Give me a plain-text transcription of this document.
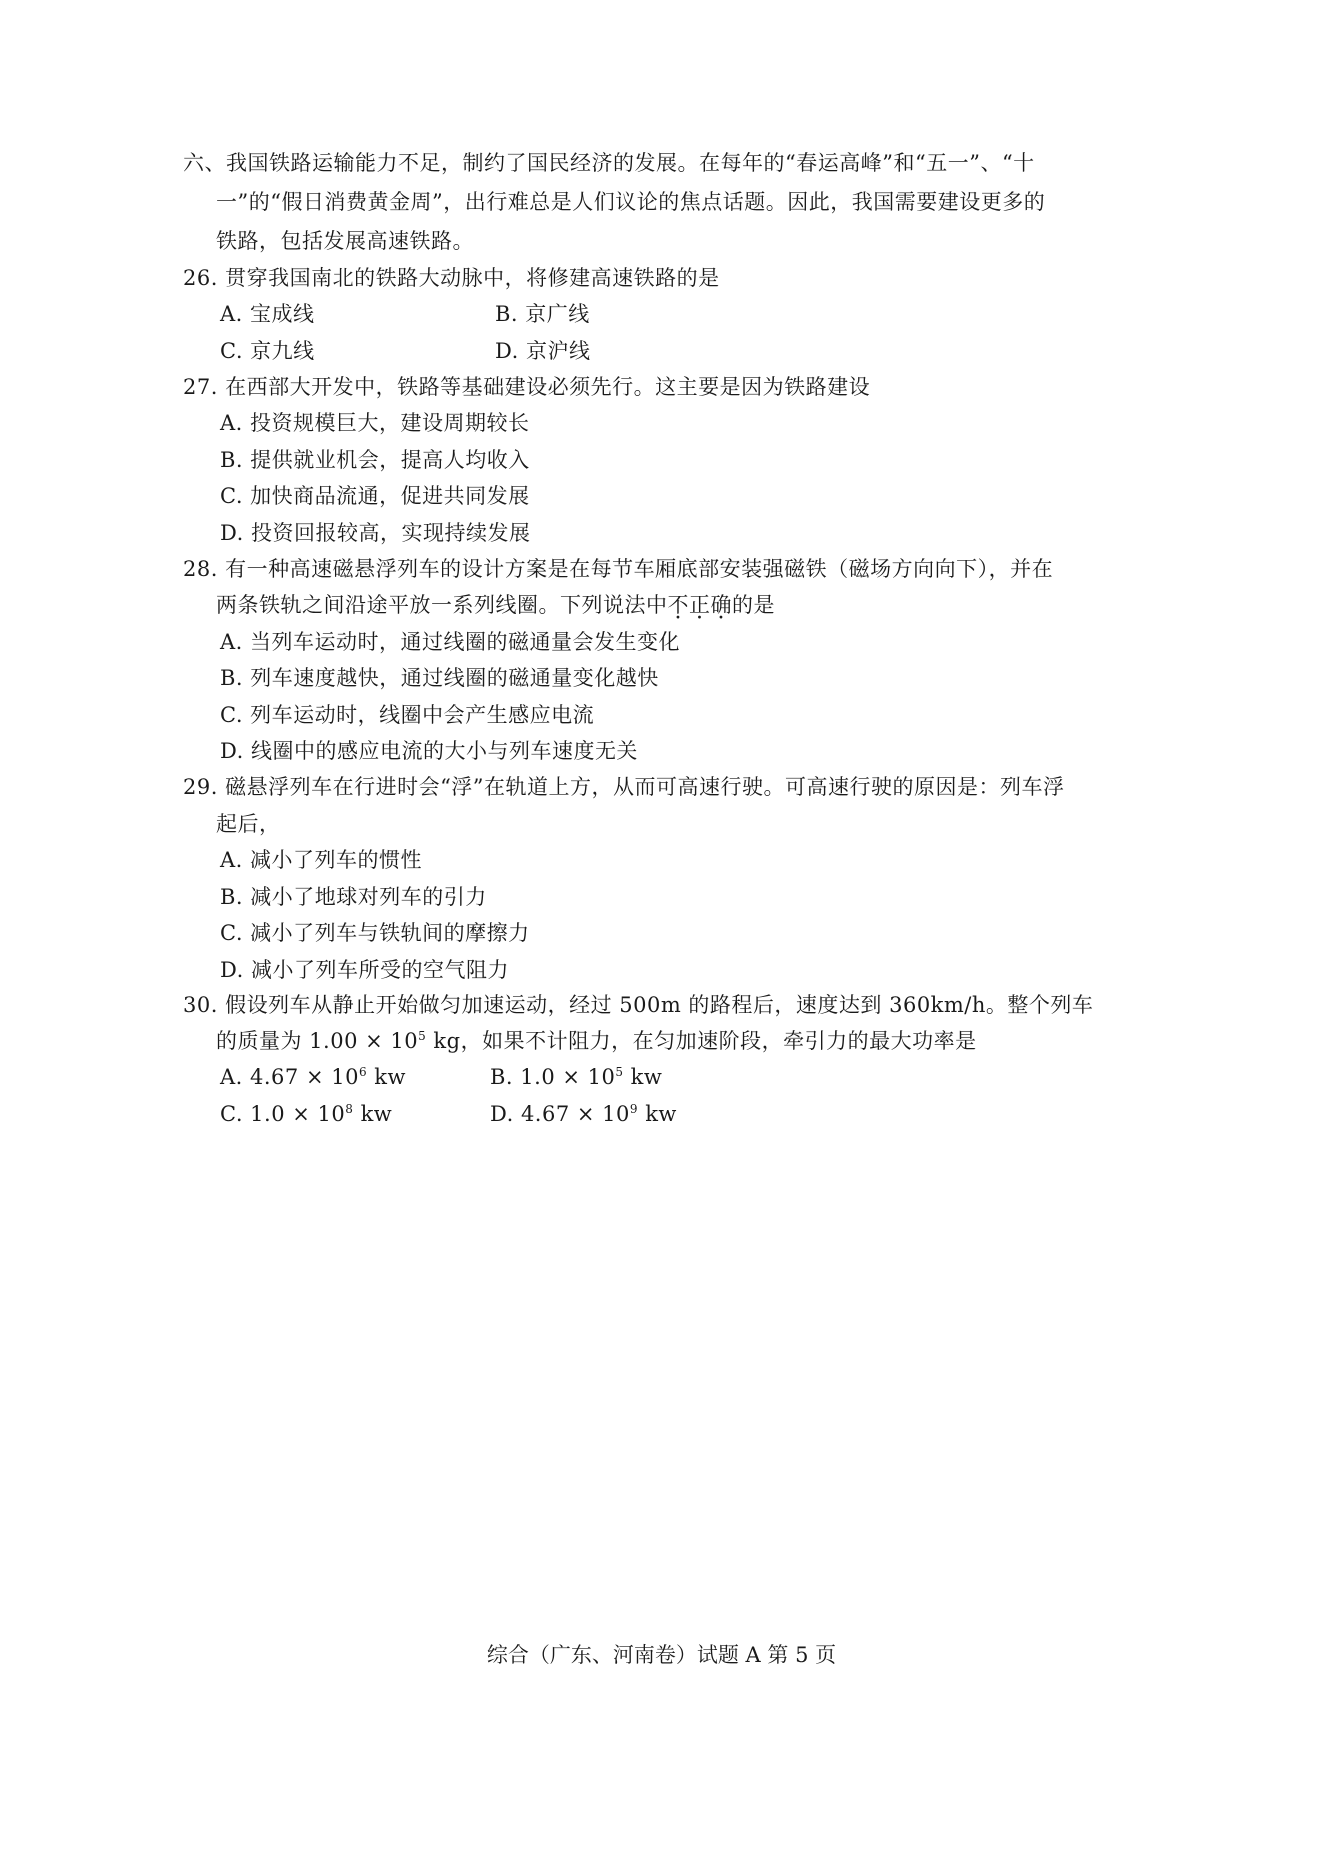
六、我国铁路运输能力不足，制约了国民经济的发展。在每年的“春运高峰”和“五一”、“十
一”的“假日消费黄金周”，出行难总是人们议论的焦点话题。因此，我国需要建设更多的
铁路，包括发展高速铁路。
26. 贯穿我国南北的铁路大动脉中，将修建高速铁路的是
A. 宝成线	B. 京广线
C. 京九线	D. 京沪线
27. 在西部大开发中，铁路等基础建设必须先行。这主要是因为铁路建设
A. 投资规模巨大，建设周期较长
B. 提供就业机会，提高人均收入
C. 加快商品流通，促进共同发展
D. 投资回报较高，实现持续发展
28. 有一种高速磁悬浮列车的设计方案是在每节车厢底部安装强磁铁（磁场方向向下），并在
两条铁轨之间沿途平放一系列线圈。下列说法中不正确的是
A. 当列车运动时，通过线圈的磁通量会发生变化
B. 列车速度越快，通过线圈的磁通量变化越快
C. 列车运动时，线圈中会产生感应电流
D. 线圈中的感应电流的大小与列车速度无关
29. 磁悬浮列车在行进时会“浮”在轨道上方，从而可高速行驶。可高速行驶的原因是：列车浮
起后，
A. 减小了列车的惯性
B. 减小了地球对列车的引力
C. 减小了列车与铁轨间的摩擦力
D. 减小了列车所受的空气阻力
30. 假设列车从静止开始做匀加速运动，经过 500m 的路程后，速度达到 360km/h。整个列车
的质量为 $1.00 \times 10^5$ kg，如果不计阻力，在匀加速阶段，牵引力的最大功率是
A. $4.67 \times 10^6$ kw	B. $1.0 \times 10^5$ kw
C. $1.0 \times 10^8$ kw	D. $4.67 \times 10^9$ kw
综合（广东、河南卷）试题 A 第 5 页
